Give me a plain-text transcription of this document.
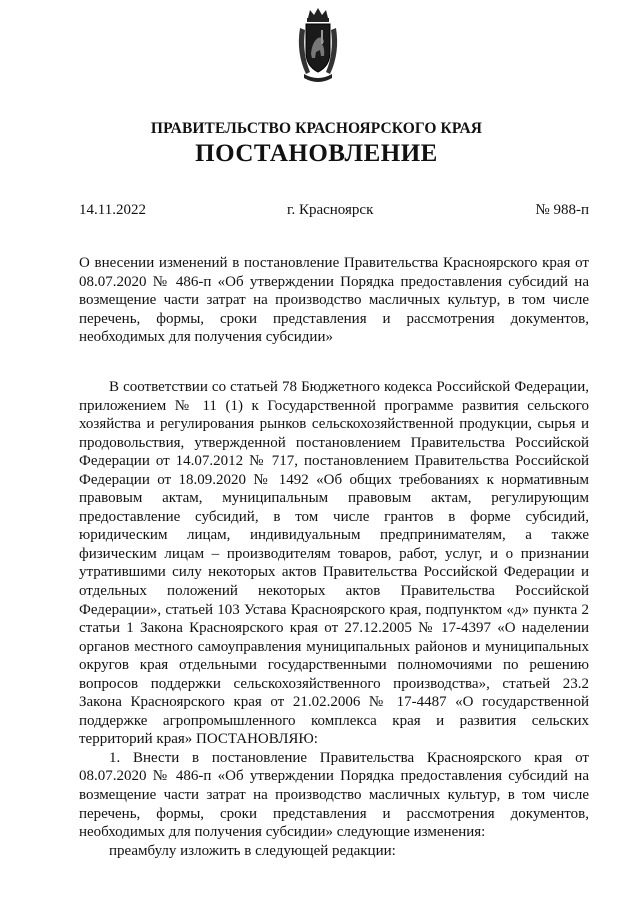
ПРАВИТЕЛЬСТВО КРАСНОЯРСКОГО КРАЯ
ПОСТАНОВЛЕНИЕ
14.11.2022	г. Красноярск	№ 988-п
О внесении изменений в постановление Правительства Красноярского края от 08.07.2020 № 486-п «Об утверждении Порядка предоставления субсидий на возмещение части затрат на производство масличных культур, в том числе перечень, формы, сроки представления и рассмотрения документов, необходимых для получения субсидии»

В соответствии со статьей 78 Бюджетного кодекса Российской Федерации, приложением № 11 (1) к Государственной программе развития сельского хозяйства и регулирования рынков сельскохозяйственной продукции, сырья и продовольствия, утвержденной постановлением Правительства Российской Федерации от 14.07.2012 № 717, постановлением Правительства Российской Федерации от 18.09.2020 № 1492 «Об общих требованиях к нормативным правовым актам, муниципальным правовым актам, регулирующим предоставление субсидий, в том числе грантов в форме субсидий, юридическим лицам, индивидуальным предпринимателям, а также физическим лицам – производителям товаров, работ, услуг, и о признании утратившими силу некоторых актов Правительства Российской Федерации и отдельных положений некоторых актов Правительства Российской Федерации», статьей 103 Устава Красноярского края, подпунктом «д» пункта 2 статьи 1 Закона Красноярского края от 27.12.2005 № 17-4397 «О наделении органов местного самоуправления муниципальных районов и муниципальных округов края отдельными государственными полномочиями по решению вопросов поддержки сельскохозяйственного производства», статьей 23.2 Закона Красноярского края от 21.02.2006 № 17-4487 «О государственной поддержке агропромышленного комплекса края и развития сельских территорий края» ПОСТАНОВЛЯЮ:

1. Внести в постановление Правительства Красноярского края от 08.07.2020 № 486-п «Об утверждении Порядка предоставления субсидий на возмещение части затрат на производство масличных культур, в том числе перечень, формы, сроки представления и рассмотрения документов, необходимых для получения субсидии» следующие изменения:

преамбулу изложить в следующей редакции:
